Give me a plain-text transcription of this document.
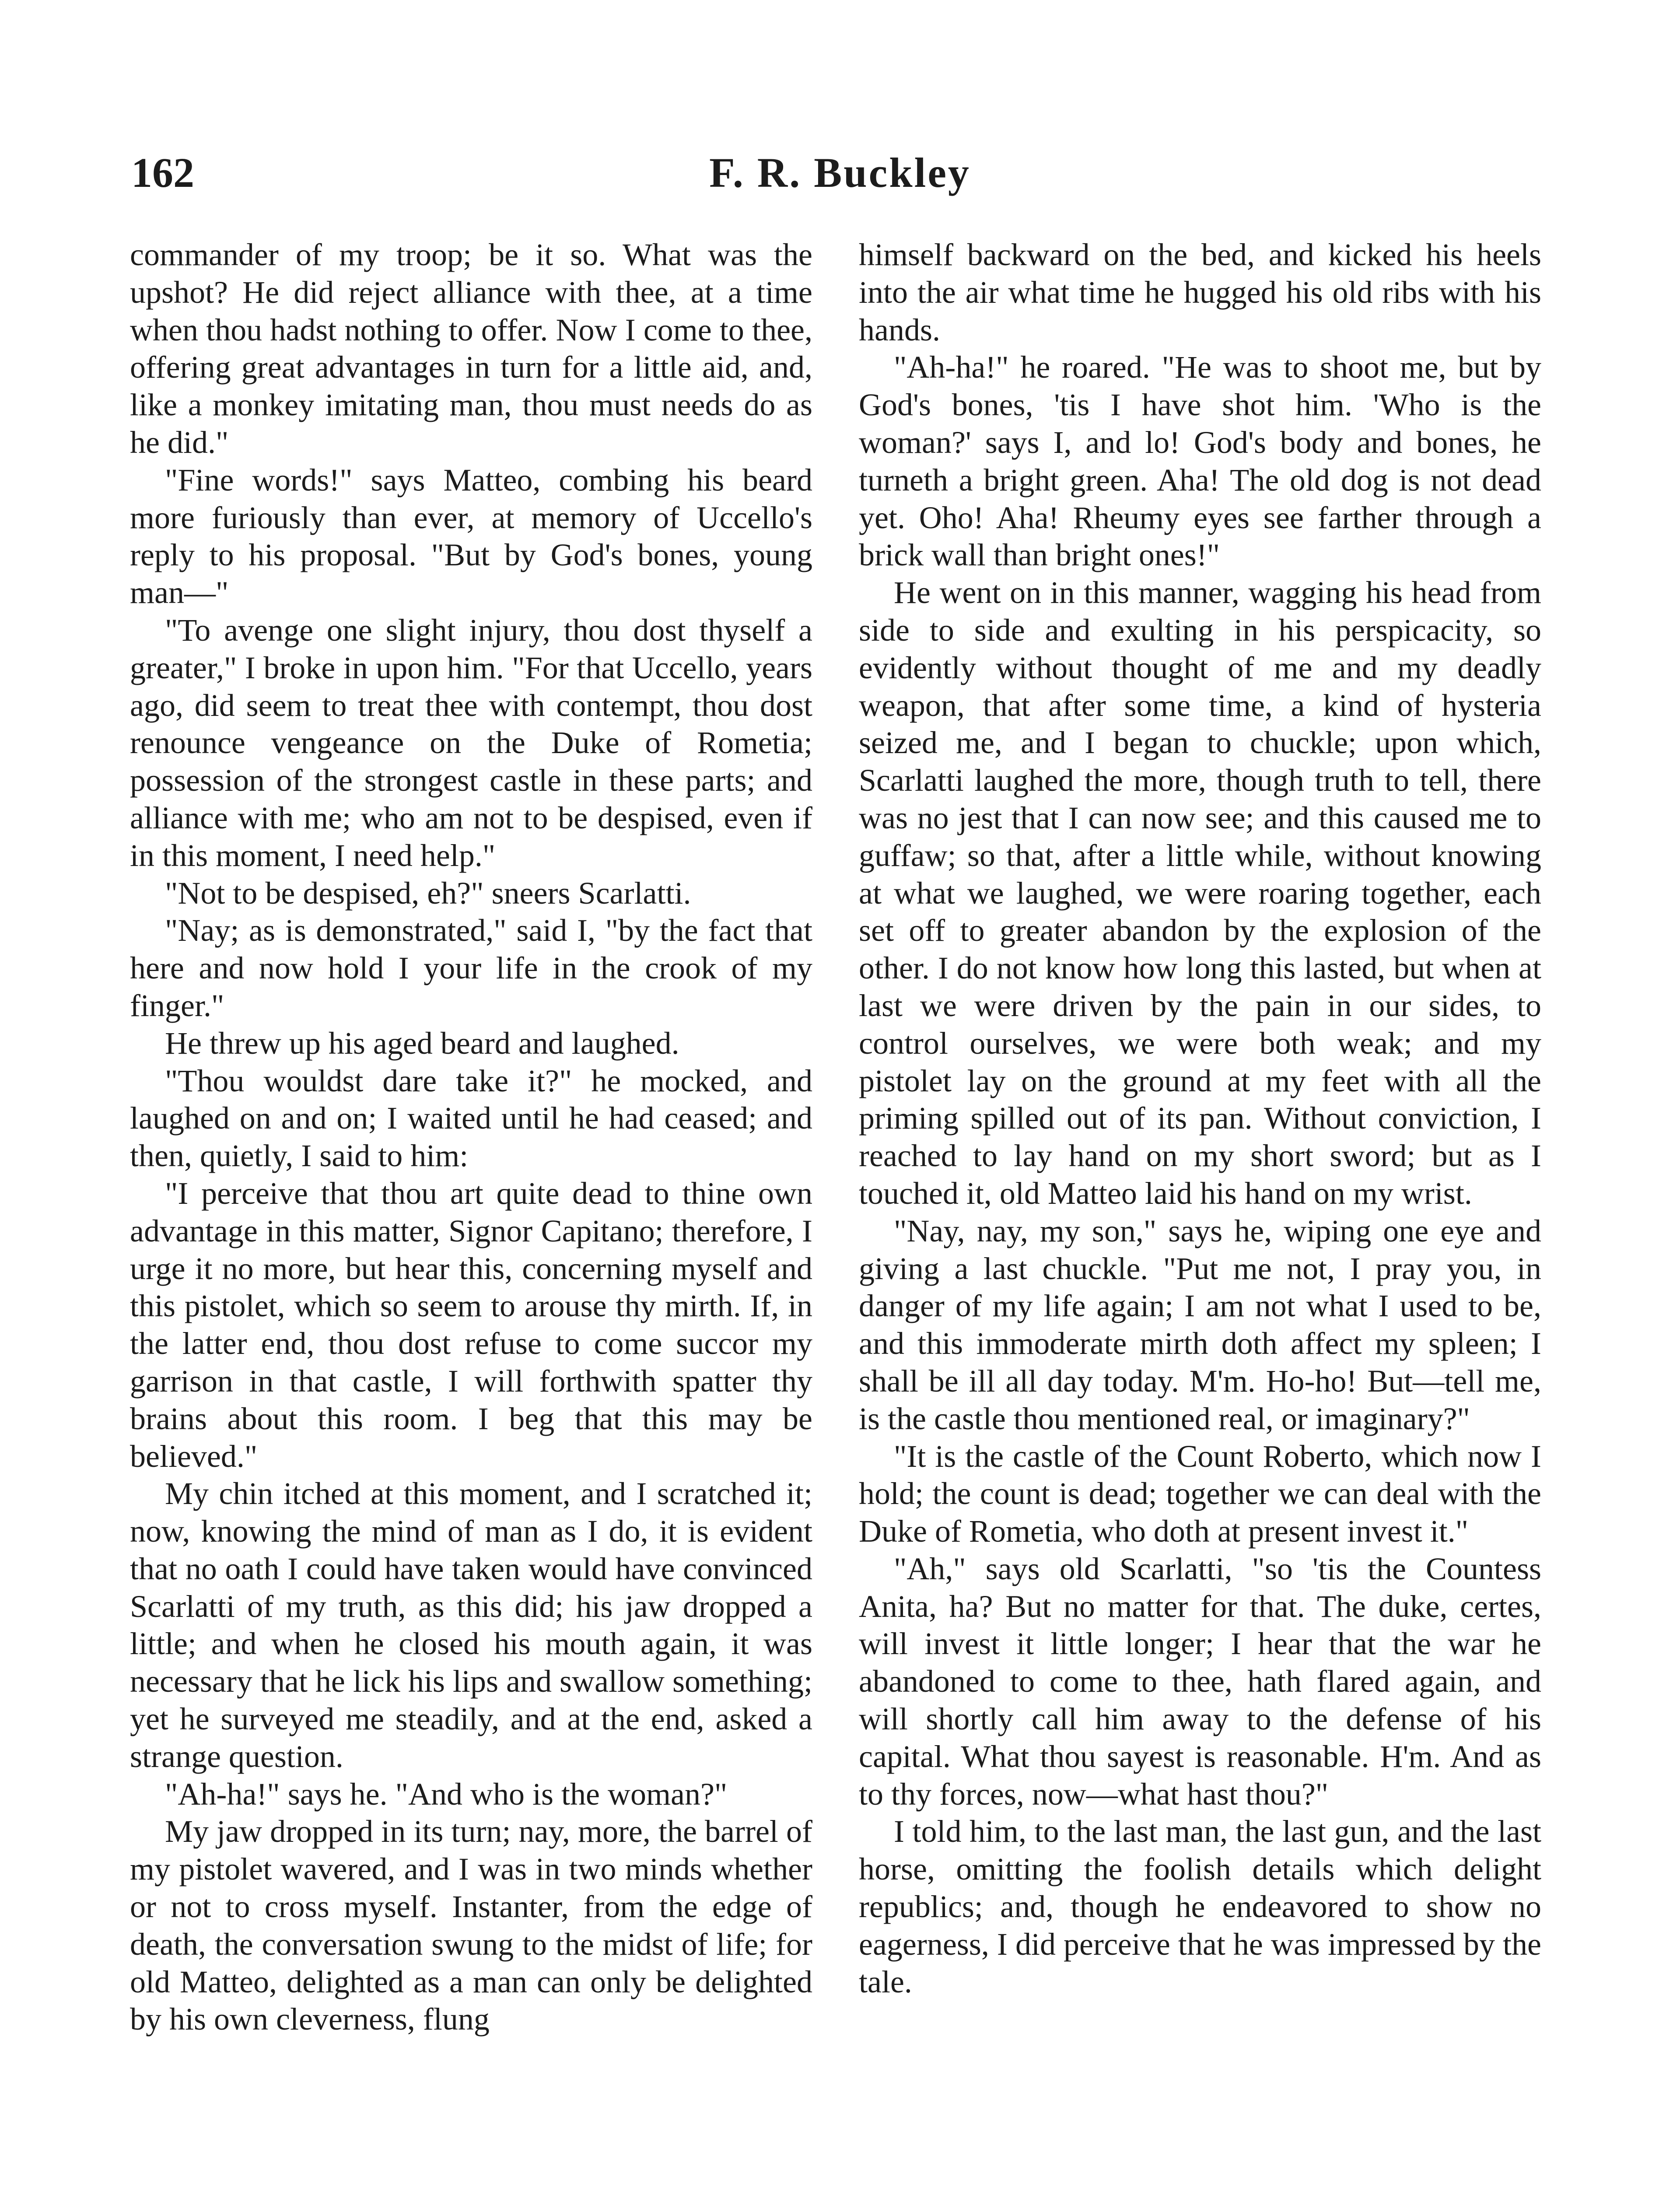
162	F. R. Buckley

commander of my troop; be it so. What was the upshot? He did reject alliance with thee, at a time when thou hadst nothing to offer. Now I come to thee, offering great advantages in turn for a little aid, and, like a monkey imitating man, thou must needs do as he did."

"Fine words!" says Matteo, combing his beard more furiously than ever, at memory of Uccello's reply to his proposal. "But by God's bones, young man—"

"To avenge one slight injury, thou dost thyself a greater," I broke in upon him. "For that Uccello, years ago, did seem to treat thee with contempt, thou dost renounce vengeance on the Duke of Rometia; possession of the strongest castle in these parts; and alliance with me; who am not to be despised, even if in this moment, I need help."

"Not to be despised, eh?" sneers Scarlatti.

"Nay; as is demonstrated," said I, "by the fact that here and now hold I your life in the crook of my finger."

He threw up his aged beard and laughed.

"Thou wouldst dare take it?" he mocked, and laughed on and on; I waited until he had ceased; and then, quietly, I said to him:

"I perceive that thou art quite dead to thine own advantage in this matter, Signor Capitano; therefore, I urge it no more, but hear this, concerning myself and this pistolet, which so seem to arouse thy mirth. If, in the latter end, thou dost refuse to come succor my garrison in that castle, I will forthwith spatter thy brains about this room. I beg that this may be believed."

My chin itched at this moment, and I scratched it; now, knowing the mind of man as I do, it is evident that no oath I could have taken would have convinced Scarlatti of my truth, as this did; his jaw dropped a little; and when he closed his mouth again, it was necessary that he lick his lips and swallow something; yet he surveyed me steadily, and at the end, asked a strange question.

"Ah-ha!" says he. "And who is the woman?"

My jaw dropped in its turn; nay, more, the barrel of my pistolet wavered, and I was in two minds whether or not to cross myself. Instanter, from the edge of death, the conversation swung to the midst of life; for old Matteo, delighted as a man can only be delighted by his own cleverness, flung

himself backward on the bed, and kicked his heels into the air what time he hugged his old ribs with his hands.

"Ah-ha!" he roared. "He was to shoot me, but by God's bones, 'tis I have shot him. 'Who is the woman?' says I, and lo! God's body and bones, he turneth a bright green. Aha! The old dog is not dead yet. Oho! Aha! Rheumy eyes see farther through a brick wall than bright ones!"

He went on in this manner, wagging his head from side to side and exulting in his perspicacity, so evidently without thought of me and my deadly weapon, that after some time, a kind of hysteria seized me, and I began to chuckle; upon which, Scarlatti laughed the more, though truth to tell, there was no jest that I can now see; and this caused me to guffaw; so that, after a little while, without knowing at what we laughed, we were roaring together, each set off to greater abandon by the explosion of the other. I do not know how long this lasted, but when at last we were driven by the pain in our sides, to control ourselves, we were both weak; and my pistolet lay on the ground at my feet with all the priming spilled out of its pan. Without conviction, I reached to lay hand on my short sword; but as I touched it, old Matteo laid his hand on my wrist.

"Nay, nay, my son," says he, wiping one eye and giving a last chuckle. "Put me not, I pray you, in danger of my life again; I am not what I used to be, and this immoderate mirth doth affect my spleen; I shall be ill all day today. M'm. Ho-ho! But—tell me, is the castle thou mentioned real, or imaginary?"

"It is the castle of the Count Roberto, which now I hold; the count is dead; together we can deal with the Duke of Rometia, who doth at present invest it."

"Ah," says old Scarlatti, "so 'tis the Countess Anita, ha? But no matter for that. The duke, certes, will invest it little longer; I hear that the war he abandoned to come to thee, hath flared again, and will shortly call him away to the defense of his capital. What thou sayest is reasonable. H'm. And as to thy forces, now—what hast thou?"

I told him, to the last man, the last gun, and the last horse, omitting the foolish details which delight republics; and, though he endeavored to show no eagerness, I did perceive that he was impressed by the tale.
